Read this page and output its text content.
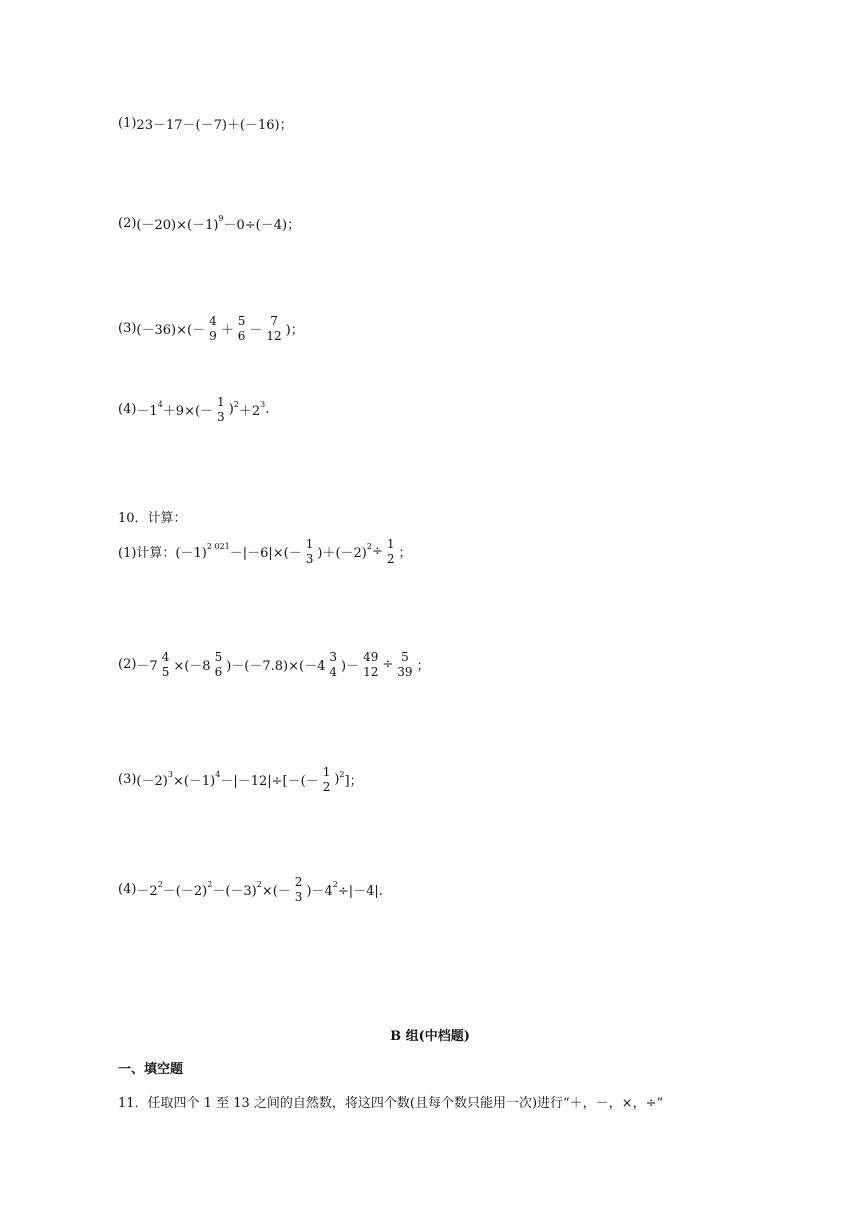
(1) 23－17－(－7)＋(－16)；
(2) (－20)×(－1) 9 －0÷(－4)；
(3) (－36)×(－
4
9 ＋
5
6 －
7
12 )；
(4) －1 4 ＋9×(－
1
3 ) 2 ＋2 3 .
10．计算：
(1)计算： (－1) 2 021 －|－6|×(－
1
3 )＋(－2) 2 ÷ 1
2 ；
(2) －7
4
5 ×(－8
5
6 )－(－7.8)×(－4
3
4 )－
49
12 ÷ 5
39 ；
(3) (－2) 3 ×(－1) 4 －|－12|÷[－(－
1
2 ) 2 ]；
(4) －2 2 －(－2) 2 －(－3) 2 ×(－
2
3 )－4 2 ÷|－4|.
B 组(中档题)
一、填空题
11．任取四个 1 至 13 之间的自然数，将这四个数(且每个数只能用一次)进行“＋，－，×，÷”
